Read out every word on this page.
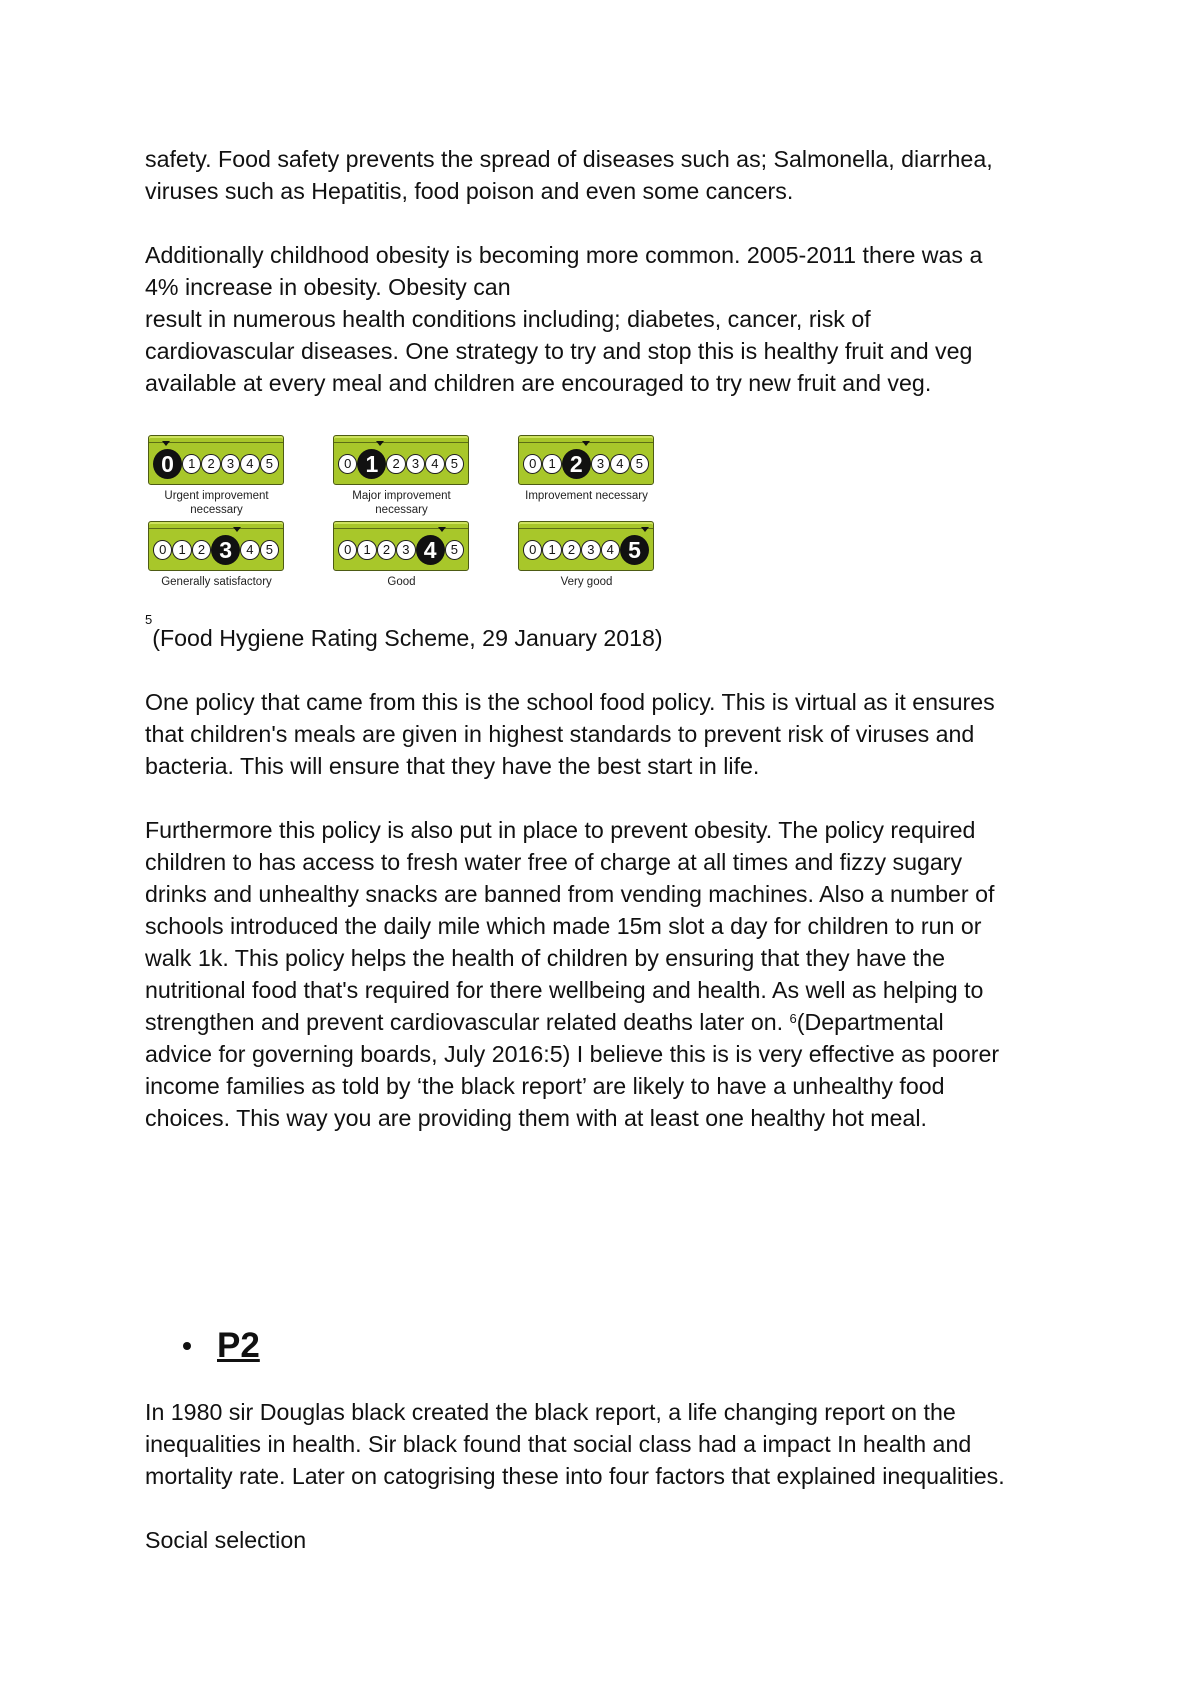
safety. Food safety prevents the spread of diseases such as; Salmonella, diarrhea,

viruses such as Hepatitis, food poison and even some cancers.

Additionally childhood obesity is becoming more common. 2005-2011 there was a

4% increase in obesity. Obesity can

result in numerous health conditions including; diabetes, cancer, risk of

cardiovascular diseases. One strategy to try and stop this is healthy fruit and veg

available at every meal and children are encouraged to try new fruit and veg.

0	1 2 3 4 5
Urgent improvement necessary
0 1	2 3 4 5
Major improvement necessary
0 1 2	3 4 5
Improvement necessary
0 1 2 3	4 5
Generally satisfactory
0 1 2 3 4	5
Good
0 1 2 3 4 5
Very good

$^5$(Food Hygiene Rating Scheme, 29 January 2018)

One policy that came from this is the school food policy. This is virtual as it ensures

that children's meals are given in highest standards to prevent risk of viruses and

bacteria. This will ensure that they have the best start in life.

Furthermore this policy is also put in place to prevent obesity. The policy required

children to has access to fresh water free of charge at all times and fizzy sugary

drinks and unhealthy snacks are banned from vending machines. Also a number of

schools introduced the daily mile which made 15m slot a day for children to run or

walk 1k. This policy helps the health of children by ensuring that they have the

nutritional food that's required for there wellbeing and health. As well as helping to

strengthen and prevent cardiovascular related deaths later on. $^6$(Departmental

advice for governing boards, July 2016:5) I believe this is is very effective as poorer

income families as told by ‘the black report’ are likely to have a unhealthy food

choices. This way you are providing them with at least one healthy hot meal.

P2

In 1980 sir Douglas black created the black report, a life changing report on the

inequalities in health. Sir black found that social class had a impact In health and

mortality rate. Later on catogrising these into four factors that explained inequalities.

Social selection
